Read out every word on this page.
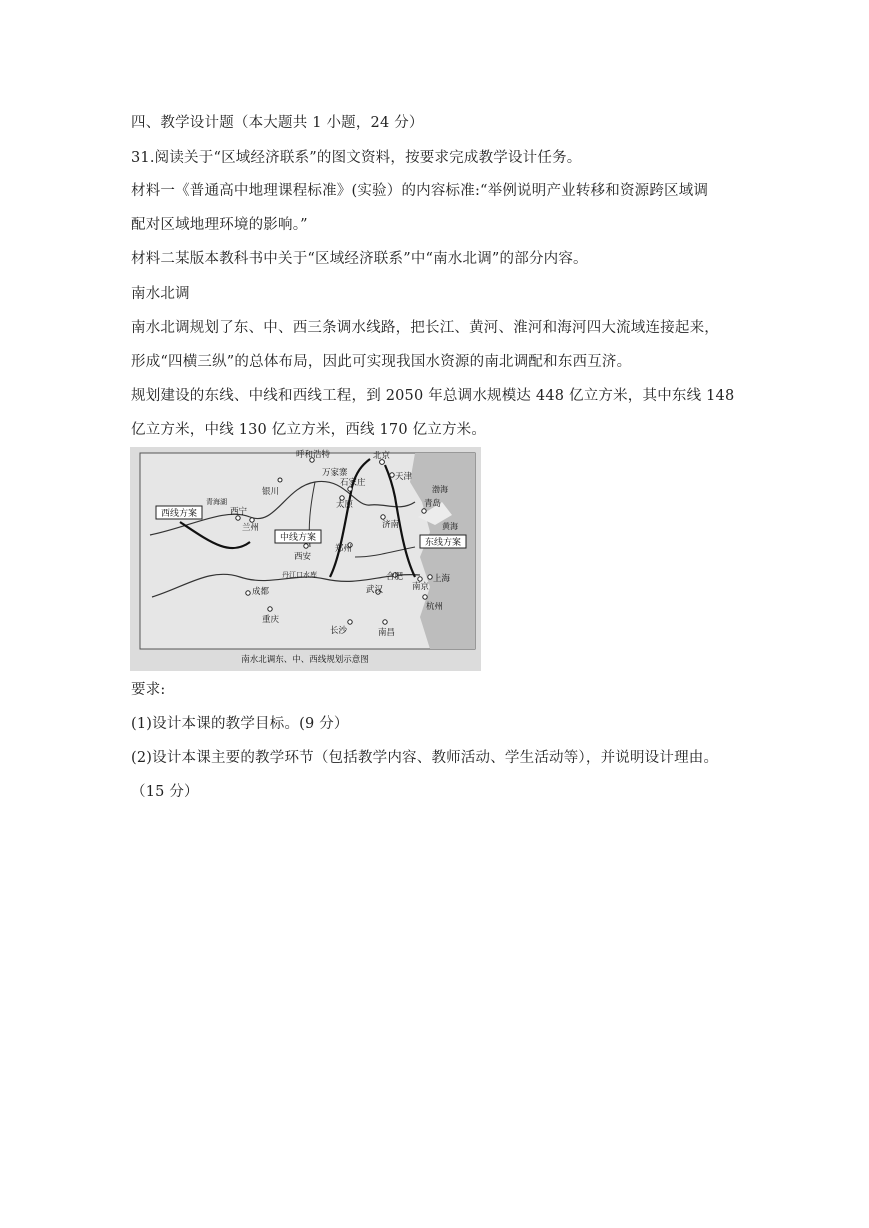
四、教学设计题（本大题共 1 小题，24 分）
31.阅读关于“区域经济联系”的图文资料，按要求完成教学设计任务。
材料一《普通高中地理课程标准》(实验）的内容标准:“举例说明产业转移和资源跨区域调
配对区域地理环境的影响。”
材料二某版本教科书中关于“区域经济联系”中“南水北调”的部分内容。
南水北调
南水北调规划了东、中、西三条调水线路，把长江、黄河、淮河和海河四大流域连接起来，
形成“四横三纵”的总体布局，因此可实现我国水资源的南北调配和东西互济。
规划建设的东线、中线和西线工程，到 2050 年总调水规模达 448 亿立方米，其中东线 148
亿立方米，中线 130 亿立方米，西线 170 亿立方米。
西线方案
中线方案	东线方案
呼和浩特	北京
天津
万家寨
银川
石家庄
太原
西宁
兰州	济南
青岛
西安
郑州
丹江口水库	合肥
南京
上海
武汉
成都
重庆
杭州
长沙	南昌
青海湖
渤海
黄海
南水北调东、中、西线规划示意图
要求:
(1)设计本课的教学目标。(9 分）
(2)设计本课主要的教学环节（包括教学内容、教师活动、学生活动等），并说明设计理由。
（15 分）
